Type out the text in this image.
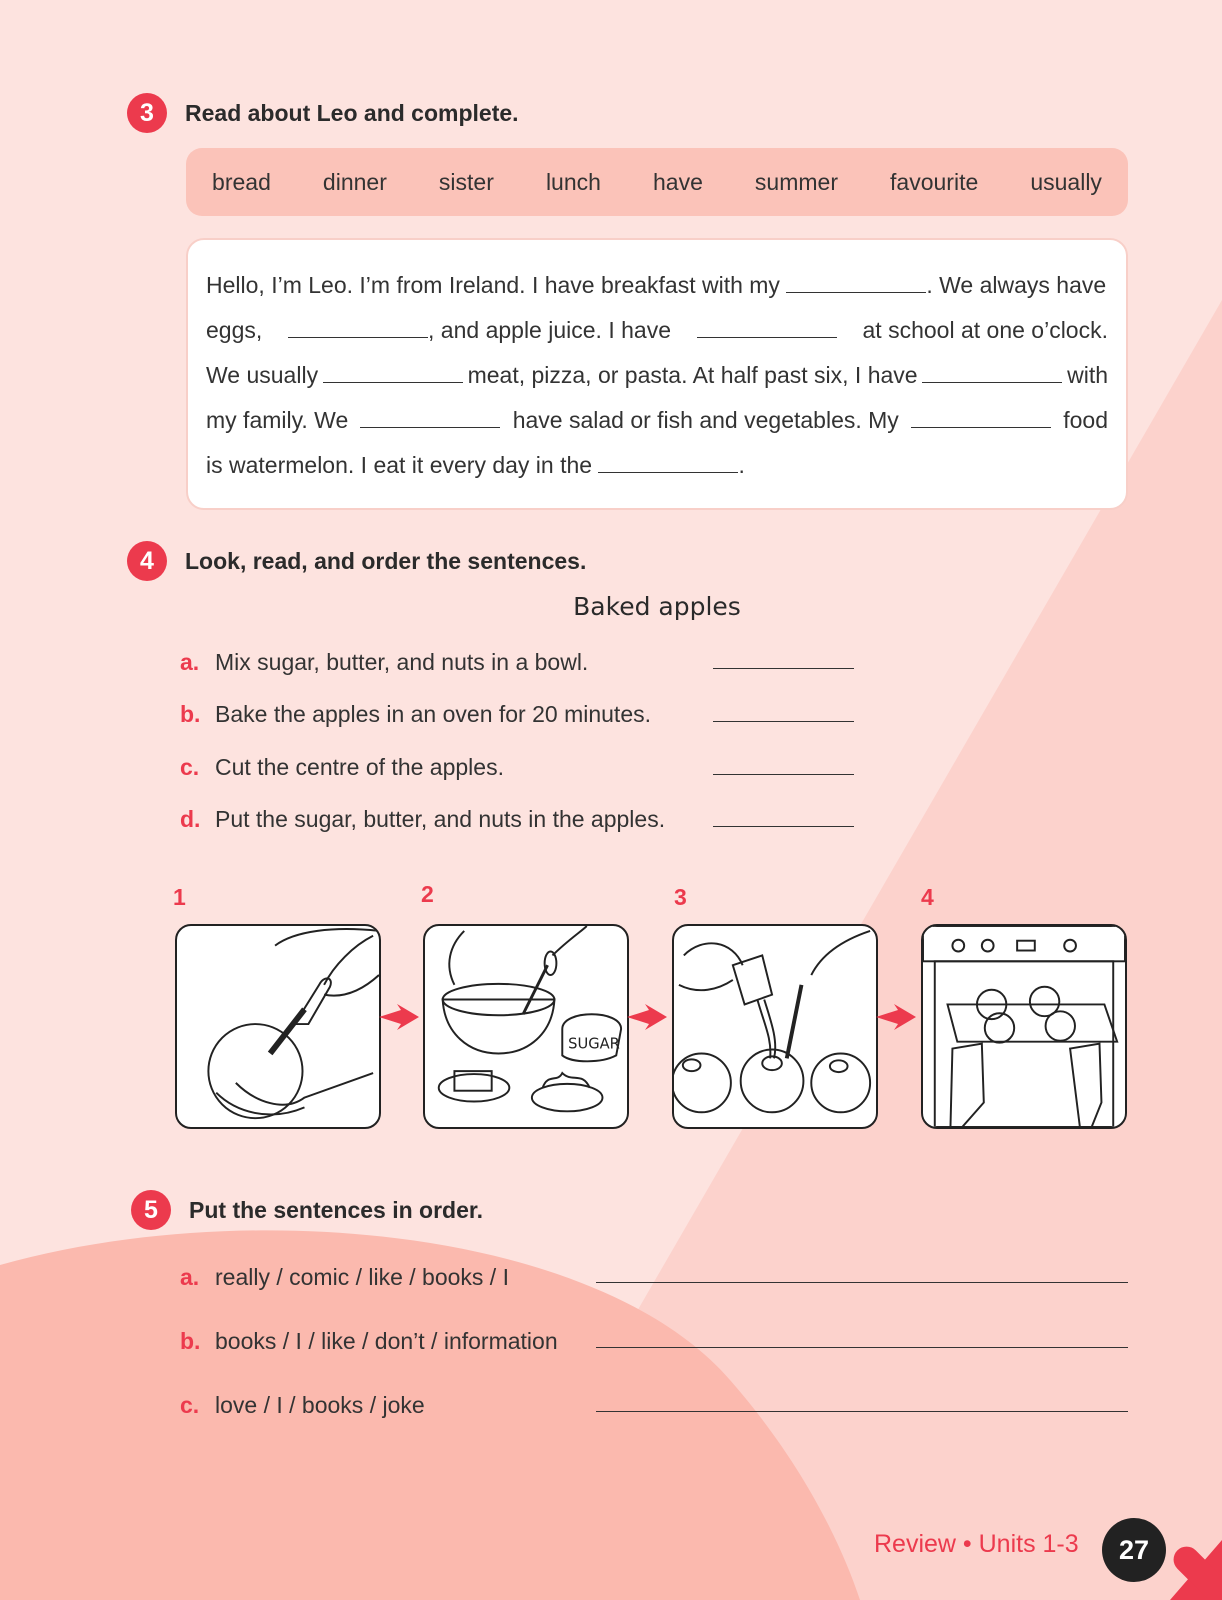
3	Read about Leo and complete.
bread dinner sister lunch have summer favourite usually
Hello, I’m Leo. I’m from Ireland. I have breakfast with my	. We always have
eggs,	, and apple juice. I have	at school at one o’clock.
We usually	meat, pizza, or pasta. At half past six, I have	with
my family. We	have salad or fish and vegetables. My	food
is watermelon. I eat it every day in the	.
4	Look, read, and order the sentences.
Baked apples
a. Mix sugar, butter, and nuts in a bowl.
b. Bake the apples in an oven for 20 minutes.
c. Cut the centre of the apples.
d. Put the sugar, butter, and nuts in the apples.
1	2	3	4
SUGAR
5	Put the sentences in order.
a. really / comic / like / books / I
b. books / I / like / don’t / information
c. love / I / books / joke
Review • Units 1-3	27
